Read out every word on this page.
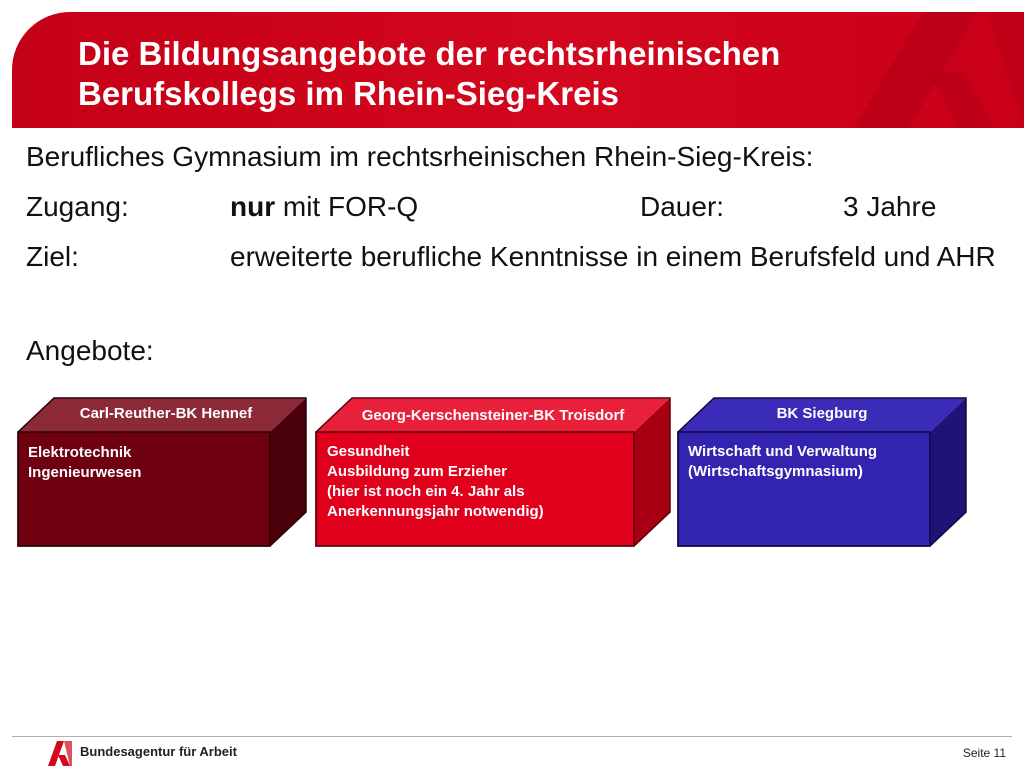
Die Bildungsangebote der rechtsrheinischen
Berufskollegs im Rhein-Sieg-Kreis
Berufliches Gymnasium im rechtsrheinischen Rhein-Sieg-Kreis:
Zugang:	nur mit FOR-Q	Dauer:	3 Jahre
Ziel:	erweiterte berufliche Kenntnisse in einem Berufsfeld und AHR
Angebote:
Carl-Reuther-BK Hennef
Elektrotechnik
Ingenieurwesen
Georg-Kerschensteiner-BK Troisdorf
Gesundheit
Ausbildung zum Erzieher
(hier ist noch ein 4. Jahr als
Anerkennungsjahr notwendig)
BK Siegburg
Wirtschaft und Verwaltung
(Wirtschaftsgymnasium)
Bundesagentur für Arbeit	Seite 11
